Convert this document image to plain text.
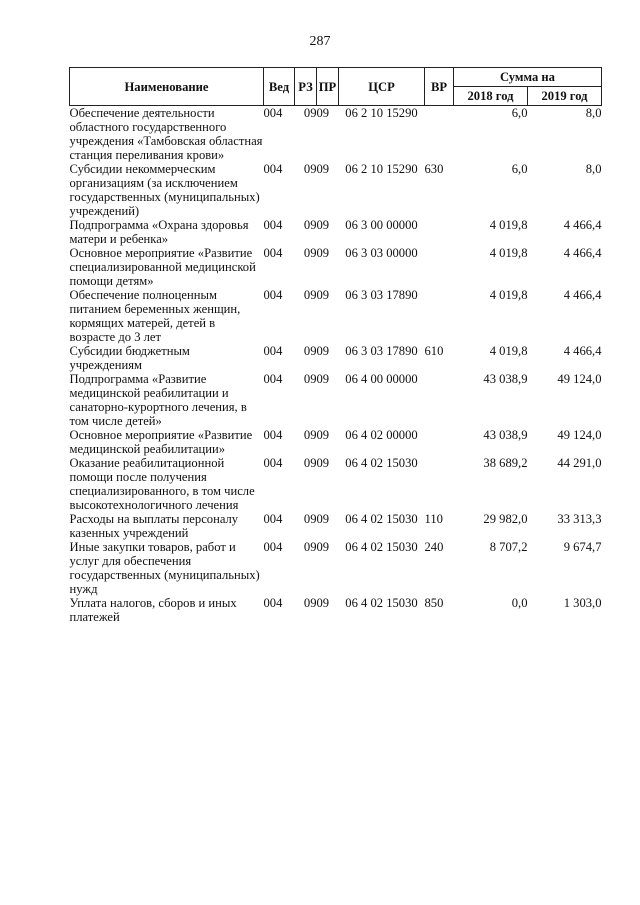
287
Наименование	Вед	РЗ	ПР	ЦСР	ВР	Сумма на	
						2018 год	2019 год
Обеспечение деятельности областного государственного учреждения «Тамбовская областная станция переливания крови»	004	09	09	06 2 10 15290		6,0	8,0
Субсидии некоммерческим организациям (за исключением государственных (муниципальных) учреждений)	004	09	09	06 2 10 15290	630	6,0	8,0
Подпрограмма «Охрана здоровья матери и ребенка»	004	09	09	06 3 00 00000		4 019,8	4 466,4
Основное мероприятие «Развитие специализированной медицинской помощи детям»	004	09	09	06 3 03 00000		4 019,8	4 466,4
Обеспечение полноценным питанием беременных женщин, кормящих матерей, детей в возрасте до 3 лет	004	09	09	06 3 03 17890		4 019,8	4 466,4
Субсидии бюджетным учреждениям	004	09	09	06 3 03 17890	610	4 019,8	4 466,4
Подпрограмма «Развитие медицинской реабилитации и санаторно-курортного лечения, в том числе детей»	004	09	09	06 4 00 00000		43 038,9	49 124,0
Основное мероприятие «Развитие медицинской реабилитации»	004	09	09	06 4 02 00000		43 038,9	49 124,0
Оказание реабилитационной помощи после получения специализированного, в том числе высокотехнологичного лечения	004	09	09	06 4 02 15030		38 689,2	44 291,0
Расходы на выплаты персоналу казенных учреждений	004	09	09	06 4 02 15030	110	29 982,0	33 313,3
Иные закупки товаров, работ и услуг для обеспечения государственных (муниципальных) нужд	004	09	09	06 4 02 15030	240	8 707,2	9 674,7
Уплата налогов, сборов и иных платежей	004	09	09	06 4 02 15030	850	0,0	1 303,0
